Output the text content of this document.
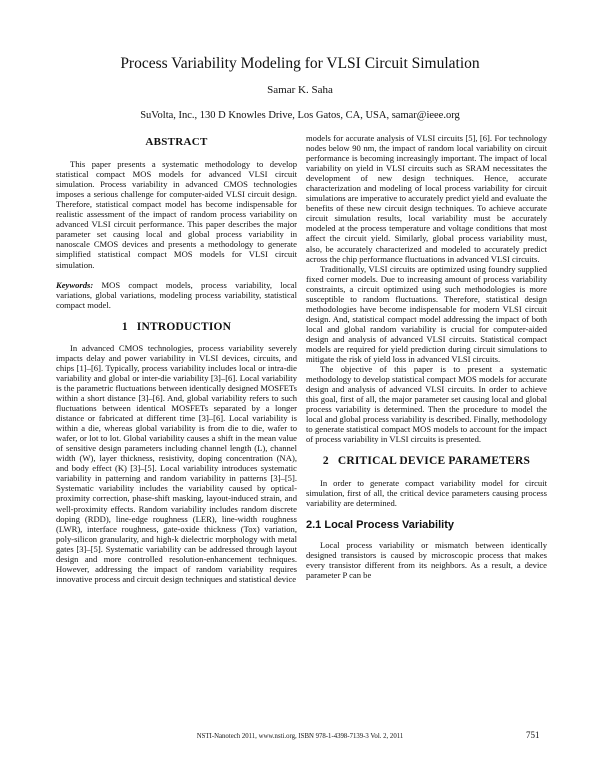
Process Variability Modeling for VLSI Circuit Simulation
Samar K. Saha
SuVolta, Inc., 130 D Knowles Drive, Los Gatos, CA, USA, samar@ieee.org
ABSTRACT

This paper presents a systematic methodology to develop statistical compact MOS models for advanced VLSI circuit simulation. Process variability in advanced CMOS technologies imposes a serious challenge for computer-aided VLSI circuit design. Therefore, statistical compact model has become indispensable for realistic assessment of the impact of random process variability on advanced VLSI circuit performance. This paper describes the major parameter set causing local and global process variability in nanoscale CMOS devices and presents a methodology to generate simplified statistical compact MOS models for VLSI circuit simulation.

Keywords: MOS compact models, process variability, local variations, global variations, modeling process variability, statistical compact model.

1 INTRODUCTION

In advanced CMOS technologies, process variability severely impacts delay and power variability in VLSI devices, circuits, and chips [1]–[6]. Typically, process variability includes local or intra-die variability and global or inter-die variability [3]–[6]. Local variability is the parametric fluctuations between identically designed MOSFETs within a short distance [3]–[6]. And, global variability refers to such fluctuations between identical MOSFETs separated by a longer distance or fabricated at different time [3]–[6]. Local variability is within a die, whereas global variability is from die to die, wafer to wafer, or lot to lot. Global variability causes a shift in the mean value of sensitive design parameters including channel length (L), channel width (W), layer thickness, resistivity, doping concentration (NA), and body effect (K) [3]–[5]. Local variability introduces systematic variability in patterning and random variability in patterns [3]–[5]. Systematic variability includes the variability caused by optical-proximity correction, phase-shift masking, layout-induced strain, and well-proximity effects. Random variability includes random discrete doping (RDD), line-edge roughness (LER), line-width roughness (LWR), interface roughness, gate-oxide thickness (Tox) variation, poly-silicon granularity, and high-k dielectric morphology with metal gates [3]–[5]. Systematic variability can be addressed through layout design and more controlled resolution-enhancement techniques. However, addressing the impact of random variability requires innovative process and circuit design techniques and statistical device

models for accurate analysis of VLSI circuits [5], [6]. For technology nodes below 90 nm, the impact of random local variability on circuit performance is becoming increasingly important. The impact of local variability on yield in VLSI circuits such as SRAM necessitates the development of new design techniques. Hence, accurate characterization and modeling of local process variability for circuit simulations are imperative to accurately predict yield and evaluate the benefits of these new circuit design techniques. To achieve accurate circuit simulation results, local variability must be accurately modeled at the process temperature and voltage conditions that most affect the circuit yield. Similarly, global process variability must, also, be accurately characterized and modeled to accurately predict across the chip performance fluctuations in advanced VLSI circuits.

Traditionally, VLSI circuits are optimized using foundry supplied fixed corner models. Due to increasing amount of process variability constraints, a circuit optimized using such methodologies is more susceptible to random fluctuations. Therefore, statistical design methodologies have become indispensable for modern VLSI circuit design. And, statistical compact model addressing the impact of both local and global random variability is crucial for computer-aided design and analysis of advanced VLSI circuits. Statistical compact models are required for yield prediction during circuit simulations to mitigate the risk of yield loss in advanced VLSI circuits.

The objective of this paper is to present a systematic methodology to develop statistical compact MOS models for accurate design and analysis of advanced VLSI circuits. In order to achieve this goal, first of all, the major parameter set causing local and global process variability is determined. Then the procedure to model the local and global process variability is described. Finally, methodology to generate statistical compact MOS models to account for the impact of process variability in VLSI circuits is presented.

2 CRITICAL DEVICE PARAMETERS

In order to generate compact variability model for circuit simulation, first of all, the critical device parameters causing process variability are determined.

2.1 Local Process Variability

Local process variability or mismatch between identically designed transistors is caused by microscopic process that makes every transistor different from its neighbors. As a result, a device parameter P can be

NSTI-Nanotech 2011, www.nsti.org, ISBN 978-1-4398-7139-3 Vol. 2, 2011	751
